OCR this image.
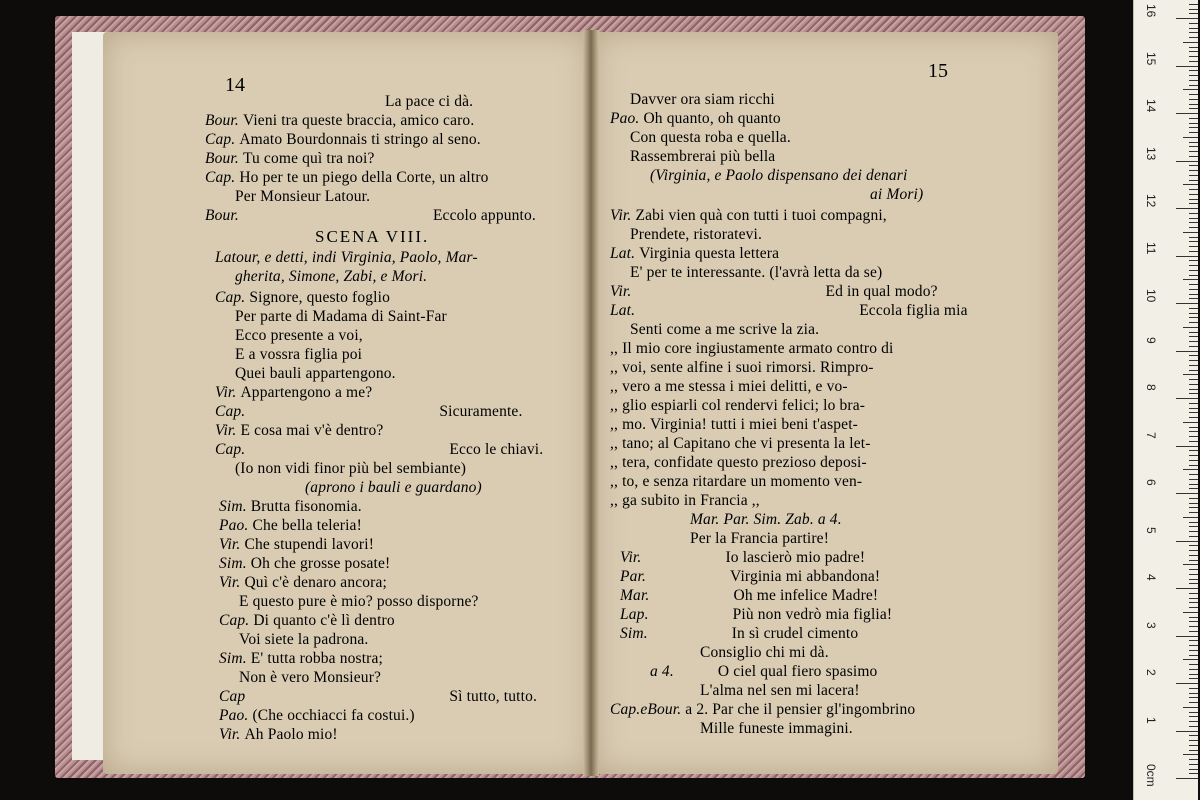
14
15
La pace ci dà.
Bour. Vieni tra queste braccia, amico caro.
Cap. Amato Bourdonnais ti stringo al seno.
Bour. Tu come quì tra noi?
Cap. Ho per te un piego della Corte, un altro
Per Monsieur Latour.
Bour.	Eccolo appunto.
SCENA VIII.
Latour, e detti, indi Virginia, Paolo, Mar-
gherita, Simone, Zabi, e Mori.
Cap. Signore, questo foglio
Per parte di Madama di Saint-Far
Ecco presente a voi,
E a vossra figlia poi
Quei bauli appartengono.
Vir. Appartengono a me?
Cap.	Sicuramente.
Vir. E cosa mai v'è dentro?
Cap.	Ecco le chiavi.
(Io non vidi finor più bel sembiante)
(aprono i bauli e guardano)
Sim. Brutta fisonomia.
Pao. Che bella teleria!
Vir. Che stupendi lavori!
Sim. Oh che grosse posate!
Vir. Quì c'è denaro ancora;
E questo pure è mio? posso disporne?
Cap. Di quanto c'è lì dentro
Voi siete la padrona.
Sim. E' tutta robba nostra;
Non è vero Monsieur?
Cap	Sì tutto, tutto.
Pao. (Che occhiacci fa costui.)
Vir. Ah Paolo mio!
Davver ora siam ricchi
Pao. Oh quanto, oh quanto
Con questa roba e quella.
Rassembrerai più bella
(Virginia, e Paolo dispensano dei denari
ai Mori)
Vir. Zabi vien quà con tutti i tuoi compagni,
Prendete, ristoratevi.
Lat. Virginia questa lettera
E' per te interessante. (l'avrà letta da se)
Vir.	Ed in qual modo?
Lat.	Eccola figlia mia
Senti come a me scrive la zia.
,, Il mio core ingiustamente armato contro di
,, voi, sente alfine i suoi rimorsi. Rimpro-
,, vero a me stessa i miei delitti, e vo-
,, glio espiarli col rendervi felici; lo bra-
,, mo. Virginia! tutti i miei beni t'aspet-
,, tano; al Capitano che vi presenta la let-
,, tera, confidate questo prezioso deposi-
,, to, e senza ritardare un momento ven-
,, ga subito in Francia ,,
Mar. Par. Sim. Zab. a 4.
Per la Francia partire!
Vir.	Io lascierò mio padre!
Par.	Virginia mi abbandona!
Mar.	Oh me infelice Madre!
Lap.	Più non vedrò mia figlia!
Sim.	In sì crudel cimento
Consiglio chi mi dà.
a 4.	O ciel qual fiero spasimo
L'alma nel sen mi lacera!
Cap.eBour. a 2. Par che il pensier gl'ingombrino
Mille funeste immagini.
0cm
1
2
3
4
5
6
7
8
9
10
11
12
13
14
15
16
